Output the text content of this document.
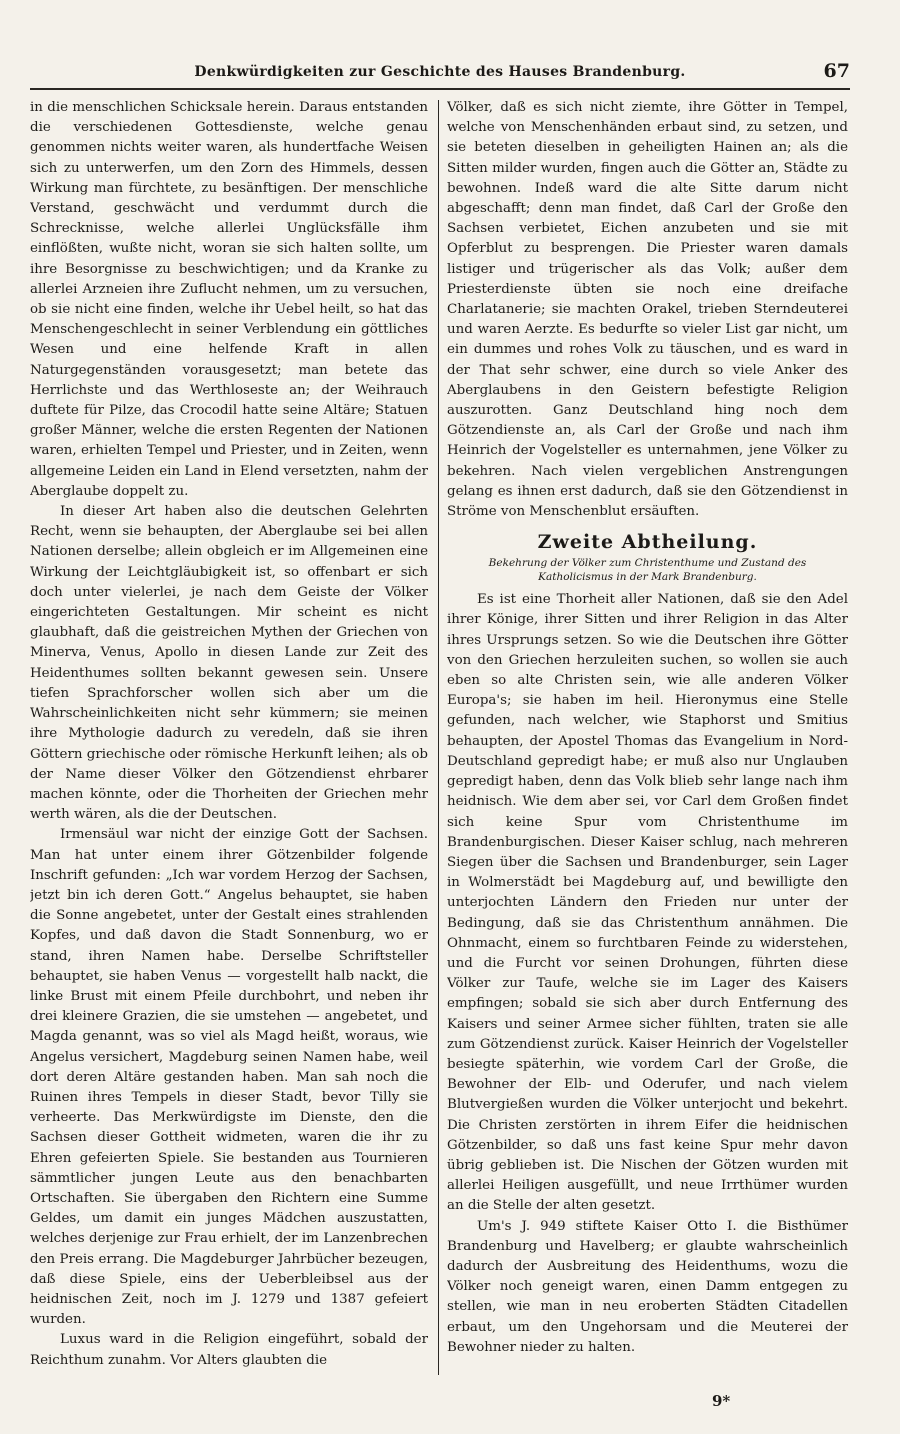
Denkwürdigkeiten zur Geschichte des Hauses Brandenburg.	67

in die menschlichen Schicksale herein. Daraus entstanden die verschiedenen Gottesdienste, welche genau genommen nichts weiter waren, als hundertfache Weisen sich zu unterwerfen, um den Zorn des Himmels, dessen Wirkung man fürchtete, zu besänftigen. Der menschliche Verstand, geschwächt und verdummt durch die Schrecknisse, welche allerlei Unglücksfälle ihm einflößten, wußte nicht, woran sie sich halten sollte, um ihre Besorgnisse zu beschwichtigen; und da Kranke zu allerlei Arzneien ihre Zuflucht nehmen, um zu versuchen, ob sie nicht eine finden, welche ihr Uebel heilt, so hat das Menschengeschlecht in seiner Verblendung ein göttliches Wesen und eine helfende Kraft in allen Naturgegenständen vorausgesetzt; man betete das Herrlichste und das Werthloseste an; der Weihrauch duftete für Pilze, das Crocodil hatte seine Altäre; Statuen großer Männer, welche die ersten Regenten der Nationen waren, erhielten Tempel und Priester, und in Zeiten, wenn allgemeine Leiden ein Land in Elend versetzten, nahm der Aberglaube doppelt zu.

In dieser Art haben also die deutschen Gelehrten Recht, wenn sie behaupten, der Aberglaube sei bei allen Nationen derselbe; allein obgleich er im Allgemeinen eine Wirkung der Leichtgläubigkeit ist, so offenbart er sich doch unter vielerlei, je nach dem Geiste der Völker eingerichteten Gestaltungen. Mir scheint es nicht glaubhaft, daß die geistreichen Mythen der Griechen von Minerva, Venus, Apollo in diesen Lande zur Zeit des Heidenthumes sollten bekannt gewesen sein. Unsere tiefen Sprachforscher wollen sich aber um die Wahrscheinlichkeiten nicht sehr kümmern; sie meinen ihre Mythologie dadurch zu veredeln, daß sie ihren Göttern griechische oder römische Herkunft leihen; als ob der Name dieser Völker den Götzendienst ehrbarer machen könnte, oder die Thorheiten der Griechen mehr werth wären, als die der Deutschen.

Irmensäul war nicht der einzige Gott der Sachsen. Man hat unter einem ihrer Götzenbilder folgende Inschrift gefunden: „Ich war vordem Herzog der Sachsen, jetzt bin ich deren Gott.“ Angelus behauptet, sie haben die Sonne angebetet, unter der Gestalt eines strahlenden Kopfes, und daß davon die Stadt Sonnenburg, wo er stand, ihren Namen habe. Derselbe Schriftsteller behauptet, sie haben Venus — vorgestellt halb nackt, die linke Brust mit einem Pfeile durchbohrt, und neben ihr drei kleinere Grazien, die sie umstehen — angebetet, und Magda genannt, was so viel als Magd heißt, woraus, wie Angelus versichert, Magdeburg seinen Namen habe, weil dort deren Altäre gestanden haben. Man sah noch die Ruinen ihres Tempels in dieser Stadt, bevor Tilly sie verheerte. Das Merkwürdigste im Dienste, den die Sachsen dieser Gottheit widmeten, waren die ihr zu Ehren gefeierten Spiele. Sie bestanden aus Tournieren sämmtlicher jungen Leute aus den benachbarten Ortschaften. Sie übergaben den Richtern eine Summe Geldes, um damit ein junges Mädchen auszustatten, welches derjenige zur Frau erhielt, der im Lanzenbrechen den Preis errang. Die Magdeburger Jahrbücher bezeugen, daß diese Spiele, eins der Ueberbleibsel aus der heidnischen Zeit, noch im J. 1279 und 1387 gefeiert wurden.

Luxus ward in die Religion eingeführt, sobald der Reichthum zunahm. Vor Alters glaubten die

Völker, daß es sich nicht ziemte, ihre Götter in Tempel, welche von Menschenhänden erbaut sind, zu setzen, und sie beteten dieselben in geheiligten Hainen an; als die Sitten milder wurden, fingen auch die Götter an, Städte zu bewohnen. Indeß ward die alte Sitte darum nicht abgeschafft; denn man findet, daß Carl der Große den Sachsen verbietet, Eichen anzubeten und sie mit Opferblut zu besprengen. Die Priester waren damals listiger und trügerischer als das Volk; außer dem Priesterdienste übten sie noch eine dreifache Charlatanerie; sie machten Orakel, trieben Sterndeuterei und waren Aerzte. Es bedurfte so vieler List gar nicht, um ein dummes und rohes Volk zu täuschen, und es ward in der That sehr schwer, eine durch so viele Anker des Aberglaubens in den Geistern befestigte Religion auszurotten. Ganz Deutschland hing noch dem Götzendienste an, als Carl der Große und nach ihm Heinrich der Vogelsteller es unternahmen, jene Völker zu bekehren. Nach vielen vergeblichen Anstrengungen gelang es ihnen erst dadurch, daß sie den Götzendienst in Ströme von Menschenblut ersäuften.

Zweite Abtheilung.
Bekehrung der Völker zum Christenthume und Zustand des Katholicismus in der Mark Brandenburg.

Es ist eine Thorheit aller Nationen, daß sie den Adel ihrer Könige, ihrer Sitten und ihrer Religion in das Alter ihres Ursprungs setzen. So wie die Deutschen ihre Götter von den Griechen herzuleiten suchen, so wollen sie auch eben so alte Christen sein, wie alle anderen Völker Europa's; sie haben im heil. Hieronymus eine Stelle gefunden, nach welcher, wie Staphorst und Smitius behaupten, der Apostel Thomas das Evangelium in Nord-Deutschland gepredigt habe; er muß also nur Unglauben gepredigt haben, denn das Volk blieb sehr lange nach ihm heidnisch. Wie dem aber sei, vor Carl dem Großen findet sich keine Spur vom Christenthume im Brandenburgischen. Dieser Kaiser schlug, nach mehreren Siegen über die Sachsen und Brandenburger, sein Lager in Wolmerstädt bei Magdeburg auf, und bewilligte den unterjochten Ländern den Frieden nur unter der Bedingung, daß sie das Christenthum annähmen. Die Ohnmacht, einem so furchtbaren Feinde zu widerstehen, und die Furcht vor seinen Drohungen, führten diese Völker zur Taufe, welche sie im Lager des Kaisers empfingen; sobald sie sich aber durch Entfernung des Kaisers und seiner Armee sicher fühlten, traten sie alle zum Götzendienst zurück. Kaiser Heinrich der Vogelsteller besiegte späterhin, wie vordem Carl der Große, die Bewohner der Elb- und Oderufer, und nach vielem Blutvergießen wurden die Völker unterjocht und bekehrt. Die Christen zerstörten in ihrem Eifer die heidnischen Götzenbilder, so daß uns fast keine Spur mehr davon übrig geblieben ist. Die Nischen der Götzen wurden mit allerlei Heiligen ausgefüllt, und neue Irrthümer wurden an die Stelle der alten gesetzt.

Um's J. 949 stiftete Kaiser Otto I. die Bisthümer Brandenburg und Havelberg; er glaubte wahrscheinlich dadurch der Ausbreitung des Heidenthums, wozu die Völker noch geneigt waren, einen Damm entgegen zu stellen, wie man in neu eroberten Städten Citadellen erbaut, um den Ungehorsam und die Meuterei der Bewohner nieder zu halten.

9*
